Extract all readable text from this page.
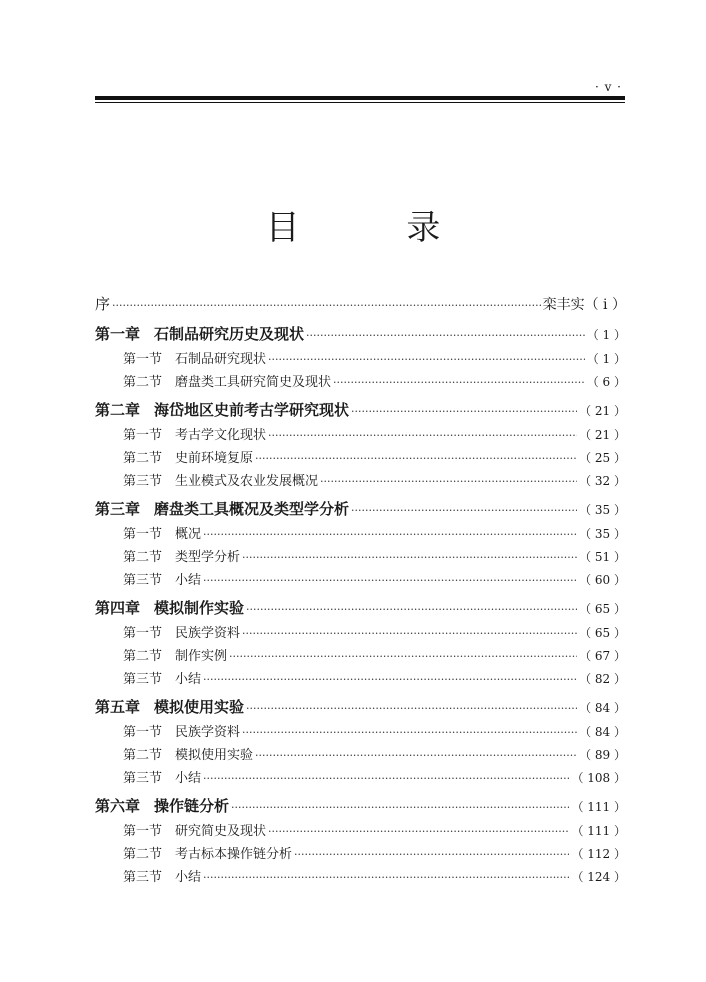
· v ·
目 录
序 ·····	栾丰实（ i ）
第一章 石制品研究历史及现状 ·····	（ 1 ）
第一节 石制品研究现状 ·····	（ 1 ）
第二节 磨盘类工具研究简史及现状 ·····	（ 6 ）
第二章 海岱地区史前考古学研究现状 ·····	（ 21 ）
第一节 考古学文化现状 ·····	（ 21 ）
第二节 史前环境复原 ·····	（ 25 ）
第三节 生业模式及农业发展概况 ·····	（ 32 ）
第三章 磨盘类工具概况及类型学分析 ·····	（ 35 ）
第一节 概况 ·····	（ 35 ）
第二节 类型学分析 ·····	（ 51 ）
第三节 小结 ·····	（ 60 ）
第四章 模拟制作实验 ·····	（ 65 ）
第一节 民族学资料 ·····	（ 65 ）
第二节 制作实例 ·····	（ 67 ）
第三节 小结 ·····	（ 82 ）
第五章 模拟使用实验 ·····	（ 84 ）
第一节 民族学资料 ·····	（ 84 ）
第二节 模拟使用实验 ·····	（ 89 ）
第三节 小结 ·····	（ 108 ）
第六章 操作链分析 ·····	（ 111 ）
第一节 研究简史及现状 ·····	（ 111 ）
第二节 考古标本操作链分析 ·····	（ 112 ）
第三节 小结 ·····	（ 124 ）
